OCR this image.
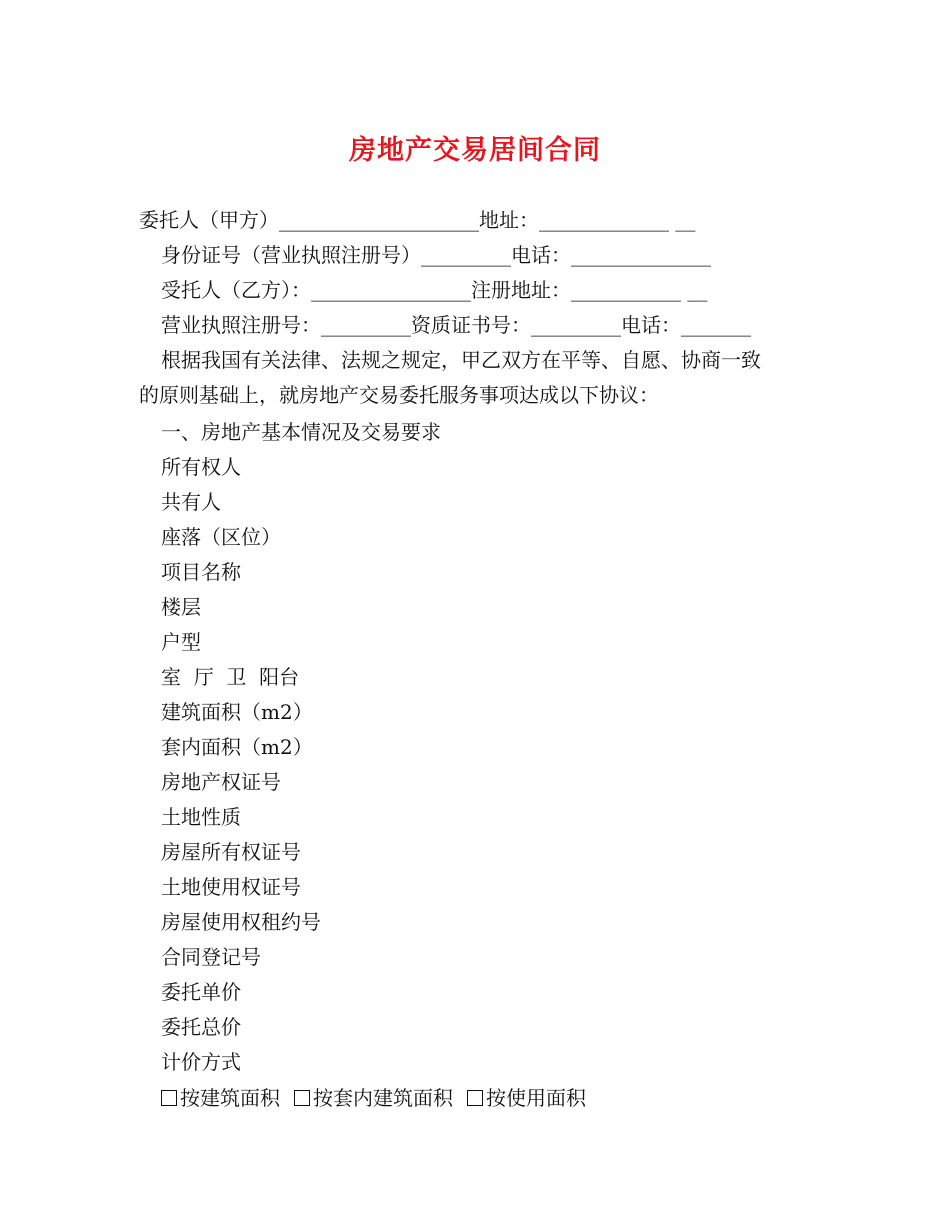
房地产交易居间合同
委托人（甲方）____________________地址：_____________ __
身份证号（营业执照注册号）_________电话：______________
受托人（乙方）：________________注册地址：___________ __
营业执照注册号：_________资质证书号：_________电话：_______
根据我国有关法律、法规之规定，甲乙双方在平等、自愿、协商一致
的原则基础上，就房地产交易委托服务事项达成以下协议：
一、房地产基本情况及交易要求
所有权人
共有人
座落（区位）
项目名称
楼层
户型
室  厅  卫  阳台
建筑面积（m2）
套内面积（m2）
房地产权证号
土地性质
房屋所有权证号
土地使用权证号
房屋使用权租约号
合同登记号
委托单价
委托总价
计价方式
按建筑面积 按套内建筑面积 按使用面积
